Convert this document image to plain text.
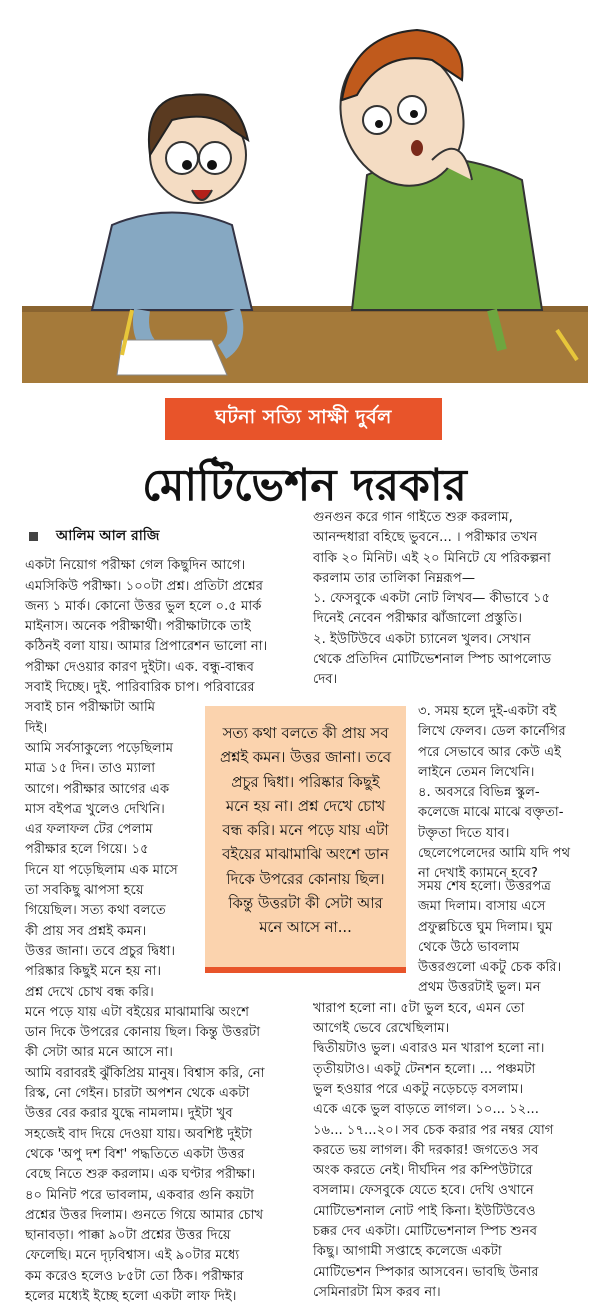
ঘটনা সত্যি সাক্ষী দুর্বল
মোটিভেশন দরকার
আলিম আল রাজি

একটা নিয়োগ পরীক্ষা গেল কিছুদিন আগে।

এমসিকিউ পরীক্ষা। ১০০টা প্রশ্ন। প্রতিটা প্রশ্নের

জন্য ১ মার্ক। কোনো উত্তর ভুল হলে ০.৫ মার্ক

মাইনাস। অনেক পরীক্ষার্থী। পরীক্ষাটাকে তাই

কঠিনই বলা যায়। আমার প্রিপারেশন ভালো না।

পরীক্ষা দেওয়ার কারণ দুইটা। এক. বন্ধু-বান্ধব

সবাই দিচ্ছে। দুই. পারিবারিক চাপ। পরিবারের

সবাই চান পরীক্ষাটা আমি

দিই।

আমি সর্বসাকুল্যে পড়েছিলাম

মাত্র ১৫ দিন। তাও ম্যালা

আগে। পরীক্ষার আগের এক

মাস বইপত্র খুলেও দেখিনি।

এর ফলাফল টের পেলাম

পরীক্ষার হলে গিয়ে। ১৫

দিনে যা পড়েছিলাম এক মাসে

তা সবকিছু ঝাপসা হয়ে

গিয়েছিল। সত্য কথা বলতে

কী প্রায় সব প্রশ্নই কমন।

উত্তর জানা। তবে প্রচুর দ্বিধা।

পরিষ্কার কিছুই মনে হয় না।

প্রশ্ন দেখে চোখ বন্ধ করি।

মনে পড়ে যায় এটা বইয়ের মাঝামাঝি অংশে

ডান দিকে উপরের কোনায় ছিল। কিন্তু উত্তরটা

কী সেটা আর মনে আসে না।

আমি বরাবরই ঝুঁকিপ্রিয় মানুষ। বিশ্বাস করি, নো

রিস্ক, নো গেইন। চারটা অপশন থেকে একটা

উত্তর বের করার যুদ্ধে নামলাম। দুইটা খুব

সহজেই বাদ দিয়ে দেওয়া যায়। অবশিষ্ট দুইটা

থেকে 'অপু দশ বিশ' পদ্ধতিতে একটা উত্তর

বেছে নিতে শুরু করলাম। এক ঘণ্টার পরীক্ষা।

৪০ মিনিট পরে ভাবলাম, একবার গুনি কয়টা

প্রশ্নের উত্তর দিলাম। গুনতে গিয়ে আমার চোখ

ছানাবড়া। পাক্কা ৯০টা প্রশ্নের উত্তর দিয়ে

ফেলেছি। মনে দৃঢ়বিশ্বাস। এই ৯০টার মধ্যে

কম করেও হলেও ৮৫টা তো ঠিক। পরীক্ষার

হলের মধ্যেই ইচ্ছে হলো একটা লাফ দিই।

গুনগুন করে গান গাইতে শুরু করলাম,

আনন্দধারা বহিছে ভুবনে... । পরীক্ষার তখন

বাকি ২০ মিনিট। এই ২০ মিনিটে যে পরিকল্পনা

করলাম তার তালিকা নিম্নরূপ—

১. ফেসবুকে একটা নোট লিখব— কীভাবে ১৫

দিনেই নেবেন পরীক্ষার ঝাঁজালো প্রস্তুতি।

২. ইউটিউবে একটা চ্যানেল খুলব। সেখান

থেকে প্রতিদিন মোটিভেশনাল স্পিচ আপলোড

দেব।

৩. সময় হলে দুই-একটা বই

লিখে ফেলব। ডেল কার্নেগির

পরে সেভাবে আর কেউ এই

লাইনে তেমন লিখেনি।

৪. অবসরে বিভিন্ন স্কুল-

কলেজে মাঝে মাঝে বক্তৃতা-

টক্তৃতা দিতে যাব।

ছেলেপেলেদের আমি যদি পথ

না দেখাই ক্যামনে হবে?

সময় শেষ হলো। উত্তরপত্র

জমা দিলাম। বাসায় এসে

প্রফুল্লচিত্তে ঘুম দিলাম। ঘুম

থেকে উঠে ভাবলাম

উত্তরগুলো একটু চেক করি।

প্রথম উত্তরটাই ভুল। মন

খারাপ হলো না। ৫টা ভুল হবে, এমন তো

আগেই ভেবে রেখেছিলাম।

দ্বিতীয়টাও ভুল। এবারও মন খারাপ হলো না।

তৃতীয়টাও। একটু টেনশন হলো। ... পঞ্চমটা

ভুল হওয়ার পরে একটু নড়েচড়ে বসলাম।

একে একে ভুল বাড়তে লাগল। ১০... ১২...

১৬... ১৭...২০। সব চেক করার পর নম্বর যোগ

করতে ভয় লাগল। কী দরকার! জগতেও সব

অংক করতে নেই। দীর্ঘদিন পর কম্পিউটারে

বসলাম। ফেসবুকে যেতে হবে। দেখি ওখানে

মোটিভেশনাল নোট পাই কিনা। ইউটিউবেও

চক্কর দেব একটা। মোটিভেশনাল স্পিচ শুনব

কিছু। আগামী সপ্তাহে কলেজে একটা

মোটিভেশন স্পিকার আসবেন। ভাবছি উনার

সেমিনারটা মিস করব না।

সত্য কথা বলতে কী প্রায় সব প্রশ্নই কমন। উত্তর জানা। তবে প্রচুর দ্বিধা। পরিষ্কার কিছুই মনে হয় না। প্রশ্ন দেখে চোখ বন্ধ করি। মনে পড়ে যায় এটা বইয়ের মাঝামাঝি অংশে ডান দিকে উপরের কোনায় ছিল। কিন্তু উত্তরটা কী সেটা আর মনে আসে না...
